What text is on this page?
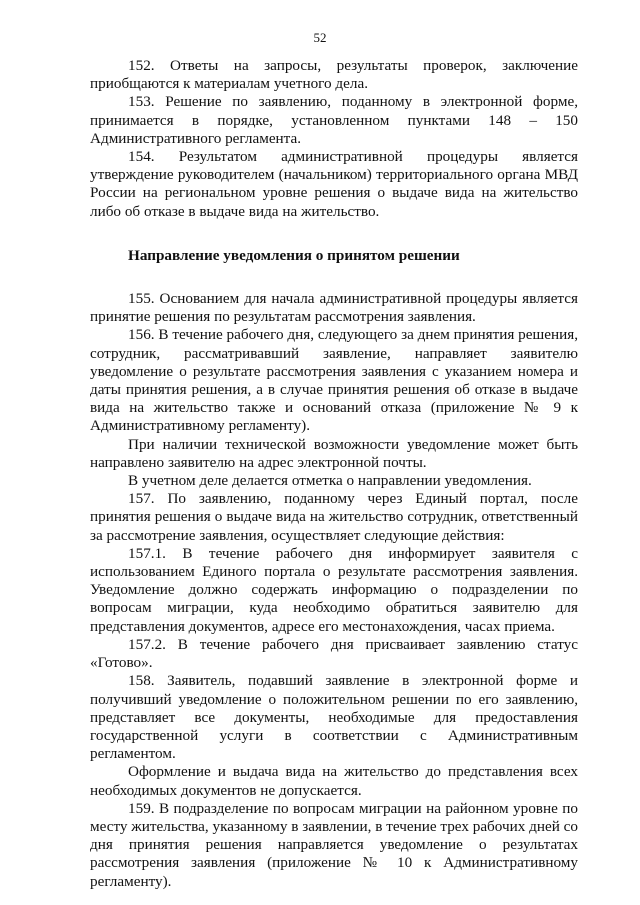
52

152. Ответы на запросы, результаты проверок, заключение приобщаются к материалам учетного дела.

153. Решение по заявлению, поданному в электронной форме, принимается в порядке, установленном пунктами 148 – 150 Административного регламента.

154. Результатом административной процедуры является утверждение руководителем (начальником) территориального органа МВД России на региональном уровне решения о выдаче вида на жительство либо об отказе в выдаче вида на жительство.

Направление уведомления о принятом решении

155. Основанием для начала административной процедуры является принятие решения по результатам рассмотрения заявления.

156. В течение рабочего дня, следующего за днем принятия решения, сотрудник, рассматривавший заявление, направляет заявителю уведомление о результате рассмотрения заявления с указанием номера и даты принятия решения, а в случае принятия решения об отказе в выдаче вида на жительство также и оснований отказа (приложение № 9 к Административному регламенту).

При наличии технической возможности уведомление может быть направлено заявителю на адрес электронной почты.

В учетном деле делается отметка о направлении уведомления.

157. По заявлению, поданному через Единый портал, после принятия решения о выдаче вида на жительство сотрудник, ответственный за рассмотрение заявления, осуществляет следующие действия:

157.1. В течение рабочего дня информирует заявителя с использованием Единого портала о результате рассмотрения заявления. Уведомление должно содержать информацию о подразделении по вопросам миграции, куда необходимо обратиться заявителю для представления документов, адресе его местонахождения, часах приема.

157.2. В течение рабочего дня присваивает заявлению статус «Готово».

158. Заявитель, подавший заявление в электронной форме и получивший уведомление о положительном решении по его заявлению, представляет все документы, необходимые для предоставления государственной услуги в соответствии с Административным регламентом.

Оформление и выдача вида на жительство до представления всех необходимых документов не допускается.

159. В подразделение по вопросам миграции на районном уровне по месту жительства, указанному в заявлении, в течение трех рабочих дней со дня принятия решения направляется уведомление о результатах рассмотрения заявления (приложение № 10 к Административному регламенту).
